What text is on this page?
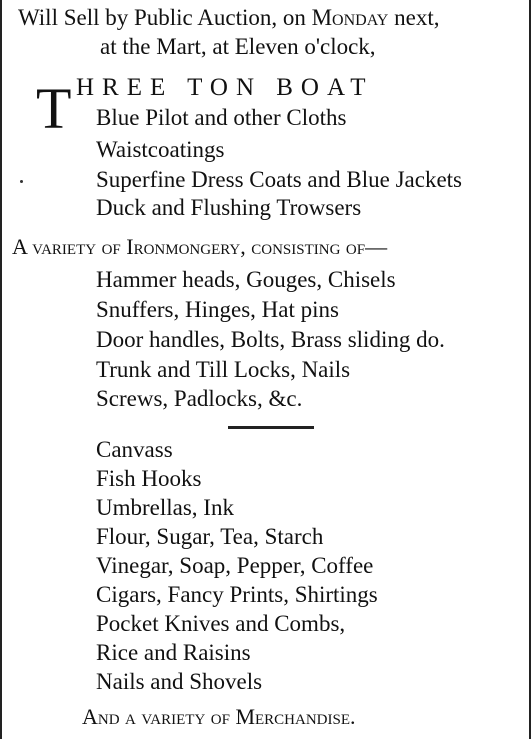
Will Sell by Public Auction, on Monday next,
at the Mart, at Eleven o'clock,
T HREE TON BOAT
Blue Pilot and other Cloths
Waistcoatings
Superfine Dress Coats and Blue Jackets
Duck and Flushing Trowsers
A variety of Ironmongery, consisting of—
Hammer heads, Gouges, Chisels
Snuffers, Hinges, Hat pins
Door handles, Bolts, Brass sliding do.
Trunk and Till Locks, Nails
Screws, Padlocks, &c.
Canvass
Fish Hooks
Umbrellas, Ink
Flour, Sugar, Tea, Starch
Vinegar, Soap, Pepper, Coffee
Cigars, Fancy Prints, Shirtings
Pocket Knives and Combs,
Rice and Raisins
Nails and Shovels
And a variety of Merchandise.
